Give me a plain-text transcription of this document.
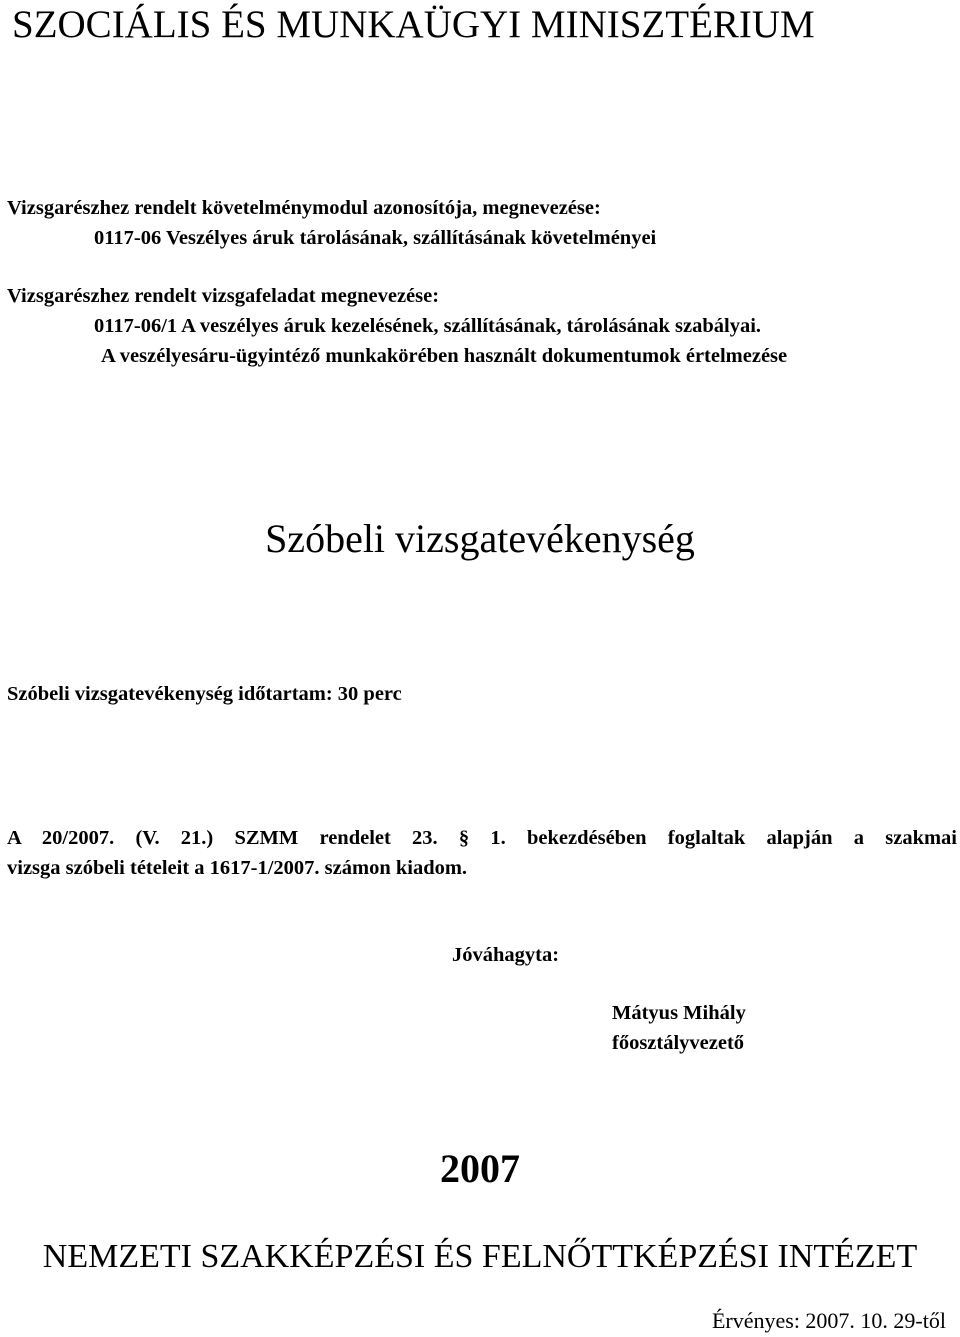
SZOCIÁLIS ÉS MUNKAÜGYI MINISZTÉRIUM
Vizsgarészhez rendelt követelménymodul azonosítója, megnevezése:
0117-06 Veszélyes áruk tárolásának, szállításának követelményei
Vizsgarészhez rendelt vizsgafeladat megnevezése:
0117-06/1 A veszélyes áruk kezelésének, szállításának, tárolásának szabályai.
A veszélyesáru-ügyintéző munkakörében használt dokumentumok értelmezése
Szóbeli vizsgatevékenység
Szóbeli vizsgatevékenység időtartam: 30 perc
A 20/2007. (V. 21.) SZMM rendelet 23. § 1. bekezdésében foglaltak alapján a szakmai
vizsga szóbeli tételeit a 1617-1/2007. számon kiadom.
Jóváhagyta:
Mátyus Mihály
főosztályvezető
2007
NEMZETI SZAKKÉPZÉSI ÉS FELNŐTTKÉPZÉSI INTÉZET
Érvényes: 2007. 10. 29-től
